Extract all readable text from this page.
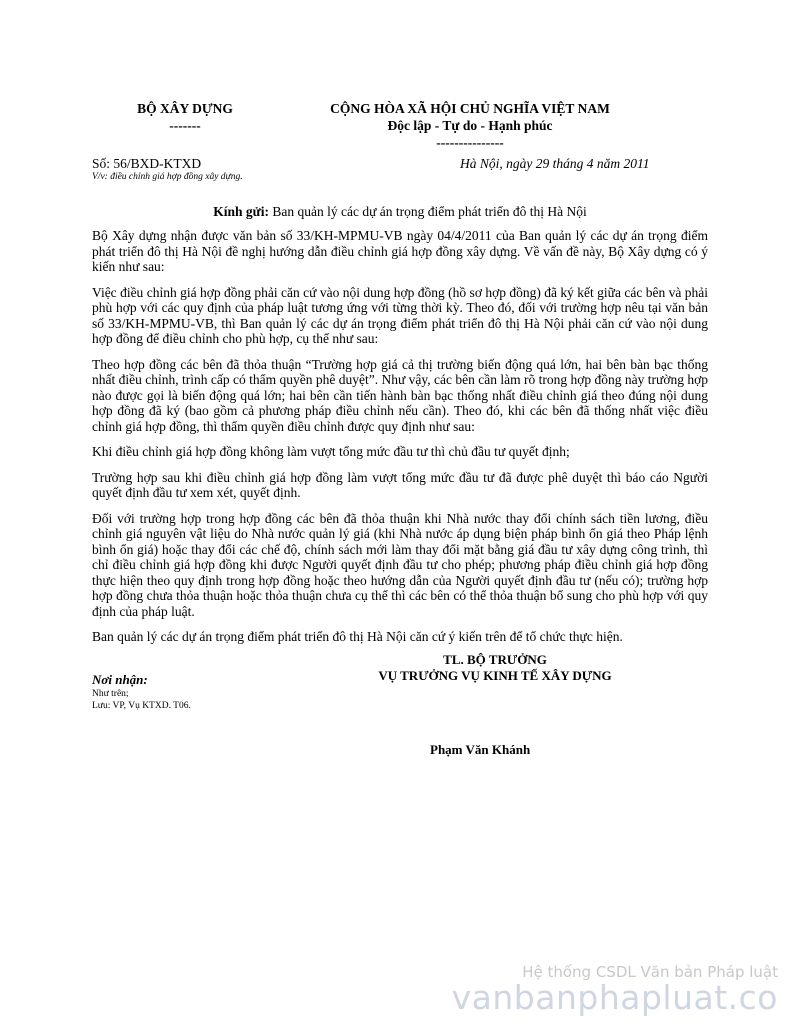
BỘ XÂY DỰNG
-------
CỘNG HÒA XÃ HỘI CHỦ NGHĨA VIỆT NAM
Độc lập - Tự do - Hạnh phúc
---------------
Số: 56/BXD-KTXD
V/v: điều chỉnh giá hợp đồng xây dựng.
Hà Nội, ngày 29 tháng 4 năm 2011
Kính gửi: Ban quản lý các dự án trọng điểm phát triển đô thị Hà Nội

Bộ Xây dựng nhận được văn bản số 33/KH-MPMU-VB ngày 04/4/2011 của Ban quản lý các dự án trọng điểm phát triển đô thị Hà Nội đề nghị hướng dẫn điều chỉnh giá hợp đồng xây dựng. Về vấn đề này, Bộ Xây dựng có ý kiến như sau:

Việc điều chỉnh giá hợp đồng phải căn cứ vào nội dung hợp đồng (hồ sơ hợp đồng) đã ký kết giữa các bên và phải phù hợp với các quy định của pháp luật tương ứng với từng thời kỳ. Theo đó, đối với trường hợp nêu tại văn bản số 33/KH-MPMU-VB, thì Ban quản lý các dự án trọng điểm phát triển đô thị Hà Nội phải căn cứ vào nội dung hợp đồng để điều chỉnh cho phù hợp, cụ thể như sau:

Theo hợp đồng các bên đã thỏa thuận “Trường hợp giá cả thị trường biến động quá lớn, hai bên bàn bạc thống nhất điều chỉnh, trình cấp có thẩm quyền phê duyệt”. Như vậy, các bên cần làm rõ trong hợp đồng này trường hợp nào được gọi là biến động quá lớn; hai bên cần tiến hành bàn bạc thống nhất điều chỉnh giá theo đúng nội dung hợp đồng đã ký (bao gồm cả phương pháp điều chỉnh nếu cần). Theo đó, khi các bên đã thống nhất việc điều chỉnh giá hợp đồng, thì thẩm quyền điều chỉnh được quy định như sau:

Khi điều chỉnh giá hợp đồng không làm vượt tổng mức đầu tư thì chủ đầu tư quyết định;

Trường hợp sau khi điều chỉnh giá hợp đồng làm vượt tổng mức đầu tư đã được phê duyệt thì báo cáo Người quyết định đầu tư xem xét, quyết định.

Đối với trường hợp trong hợp đồng các bên đã thỏa thuận khi Nhà nước thay đổi chính sách tiền lương, điều chỉnh giá nguyên vật liệu do Nhà nước quản lý giá (khi Nhà nước áp dụng biện pháp bình ổn giá theo Pháp lệnh bình ổn giá) hoặc thay đổi các chế độ, chính sách mới làm thay đổi mặt bằng giá đầu tư xây dựng công trình, thì chỉ điều chỉnh giá hợp đồng khi được Người quyết định đầu tư cho phép; phương pháp điều chỉnh giá hợp đồng thực hiện theo quy định trong hợp đồng hoặc theo hướng dẫn của Người quyết định đầu tư (nếu có); trường hợp hợp đồng chưa thỏa thuận hoặc thỏa thuận chưa cụ thể thì các bên có thể thỏa thuận bổ sung cho phù hợp với quy định của pháp luật.

Ban quản lý các dự án trọng điểm phát triển đô thị Hà Nội căn cứ ý kiến trên để tổ chức thực hiện.

TL. BỘ TRƯỞNG
VỤ TRƯỞNG VỤ KINH TẾ XÂY DỰNG
Nơi nhận:
Như trên;
Lưu: VP, Vụ KTXD. T06.
Phạm Văn Khánh
Hệ thống CSDL Văn bản Pháp luật
vanbanphapluat.co
